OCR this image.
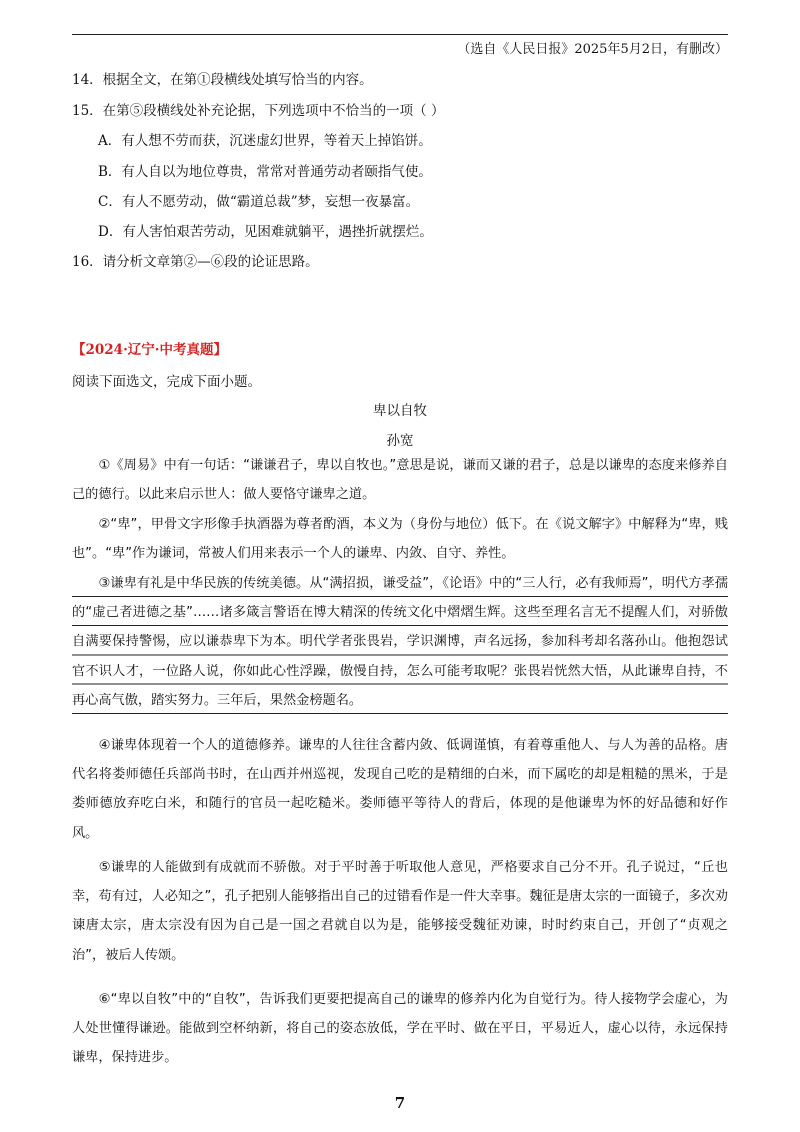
（选自《人民日报》2025年5月2日，有删改）
14．根据全文，在第①段横线处填写恰当的内容。
15．在第⑤段横线处补充论据，下列选项中不恰当的一项（ ）
A．有人想不劳而获，沉迷虚幻世界，等着天上掉馅饼。
B．有人自以为地位尊贵，常常对普通劳动者颐指气使。
C．有人不愿劳动，做“霸道总裁”梦，妄想一夜暴富。
D．有人害怕艰苦劳动，见困难就躺平，遇挫折就摆烂。
16．请分析文章第②—⑥段的论证思路。
【2024·辽宁·中考真题】
阅读下面选文，完成下面小题。
卑以自牧
孙宽
①《周易》中有一句话：“谦谦君子，卑以自牧也。”意思是说，谦而又谦的君子，总是以谦卑的态度来修养自己的德行。以此来启示世人：做人要恪守谦卑之道。
②“卑”，甲骨文字形像手执酒器为尊者酌酒，本义为（身份与地位）低下。在《说文解字》中解释为“卑，贱也”。“卑”作为谦词，常被人们用来表示一个人的谦卑、内敛、自守、养性。
③谦卑有礼是中华民族的传统美德。从“满招损，谦受益”，《论语》中的“三人行，必有我师焉”，明代方孝孺的“虚己者进德之基”……诸多箴言警语在博大精深的传统文化中熠熠生辉。这些至理名言无不提醒人们，对骄傲自满要保持警惕，应以谦恭卑下为本。明代学者张畏岩，学识渊博，声名远扬，参加科考却名落孙山。他抱怨试官不识人才，一位路人说，你如此心性浮躁，傲慢自持，怎么可能考取呢？张畏岩恍然大悟，从此谦卑自持，不再心高气傲，踏实努力。三年后，果然金榜题名。
④谦卑体现着一个人的道德修养。谦卑的人往往含蓄内敛、低调谨慎，有着尊重他人、与人为善的品格。唐代名将娄师德任兵部尚书时，在山西并州巡视，发现自己吃的是精细的白米，而下属吃的却是粗糙的黑米，于是娄师德放弃吃白米，和随行的官员一起吃糙米。娄师德平等待人的背后，体现的是他谦卑为怀的好品德和好作风。
⑤谦卑的人能做到有成就而不骄傲。对于平时善于听取他人意见，严格要求自己分不开。孔子说过，“丘也幸，苟有过，人必知之”，孔子把别人能够指出自己的过错看作是一件大幸事。魏征是唐太宗的一面镜子，多次劝谏唐太宗，唐太宗没有因为自己是一国之君就自以为是，能够接受魏征劝谏，时时约束自己，开创了“贞观之治”，被后人传颂。
⑥“卑以自牧”中的“自牧”，告诉我们更要把提高自己的谦卑的修养内化为自觉行为。待人接物学会虚心，为人处世懂得谦逊。能做到空杯纳新，将自己的姿态放低，学在平时、做在平日，平易近人，虚心以待，永远保持谦卑，保持进步。
7
